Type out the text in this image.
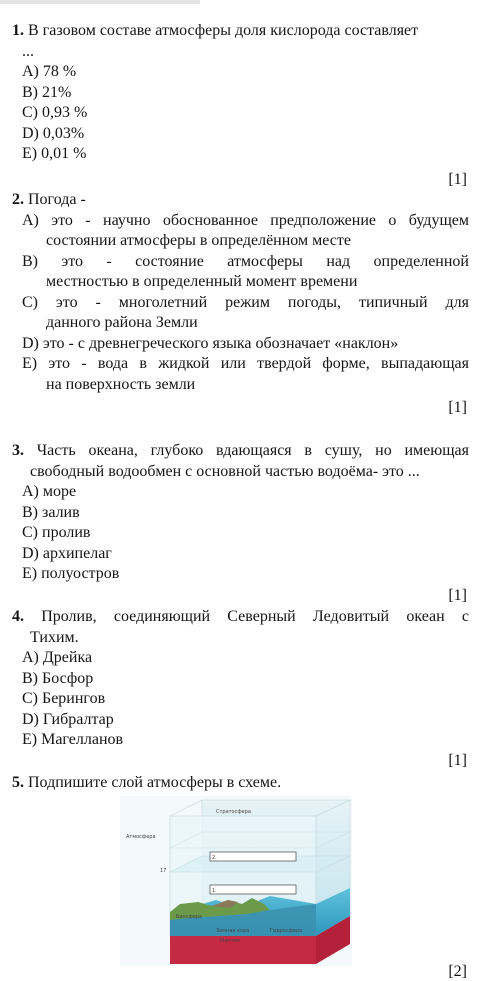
1. В газовом составе атмосферы доля кислорода составляет
...
A) 78 %
B) 21%
C) 0,93 %
D) 0,03%
E) 0,01 %
[1]
2. Погода -
A) это - научно обоснованное предположение о будущем
состоянии атмосферы в определённом месте
B) это - состояние атмосферы над определенной
местностью в определенный момент времени
C) это - многолетний режим погоды, типичный для
данного района Земли
D) это - с древнегреческого языка обозначает «наклон»
E) это - вода в жидкой или твердой форме, выпадающая
на поверхность земли
[1]
3. Часть океана, глубоко вдающаяся в сушу, но имеющая
свободный водообмен с основной частью водоёма- это ...
A) море
B) залив
C) пролив
D) архипелаг
E) полуостров
[1]
4. Пролив, соединяющий Северный Ледовитый океан с
Тихим.
A) Дрейка
B) Босфор
C) Берингов
D) Гибралтар
E) Магелланов
[1]
5. Подпишите слой атмосферы в схеме.
[2]
2.
1.
Стратосфера
Атмосфера
17
Биосфера
Земная кора	Гидросфера
Мантия
